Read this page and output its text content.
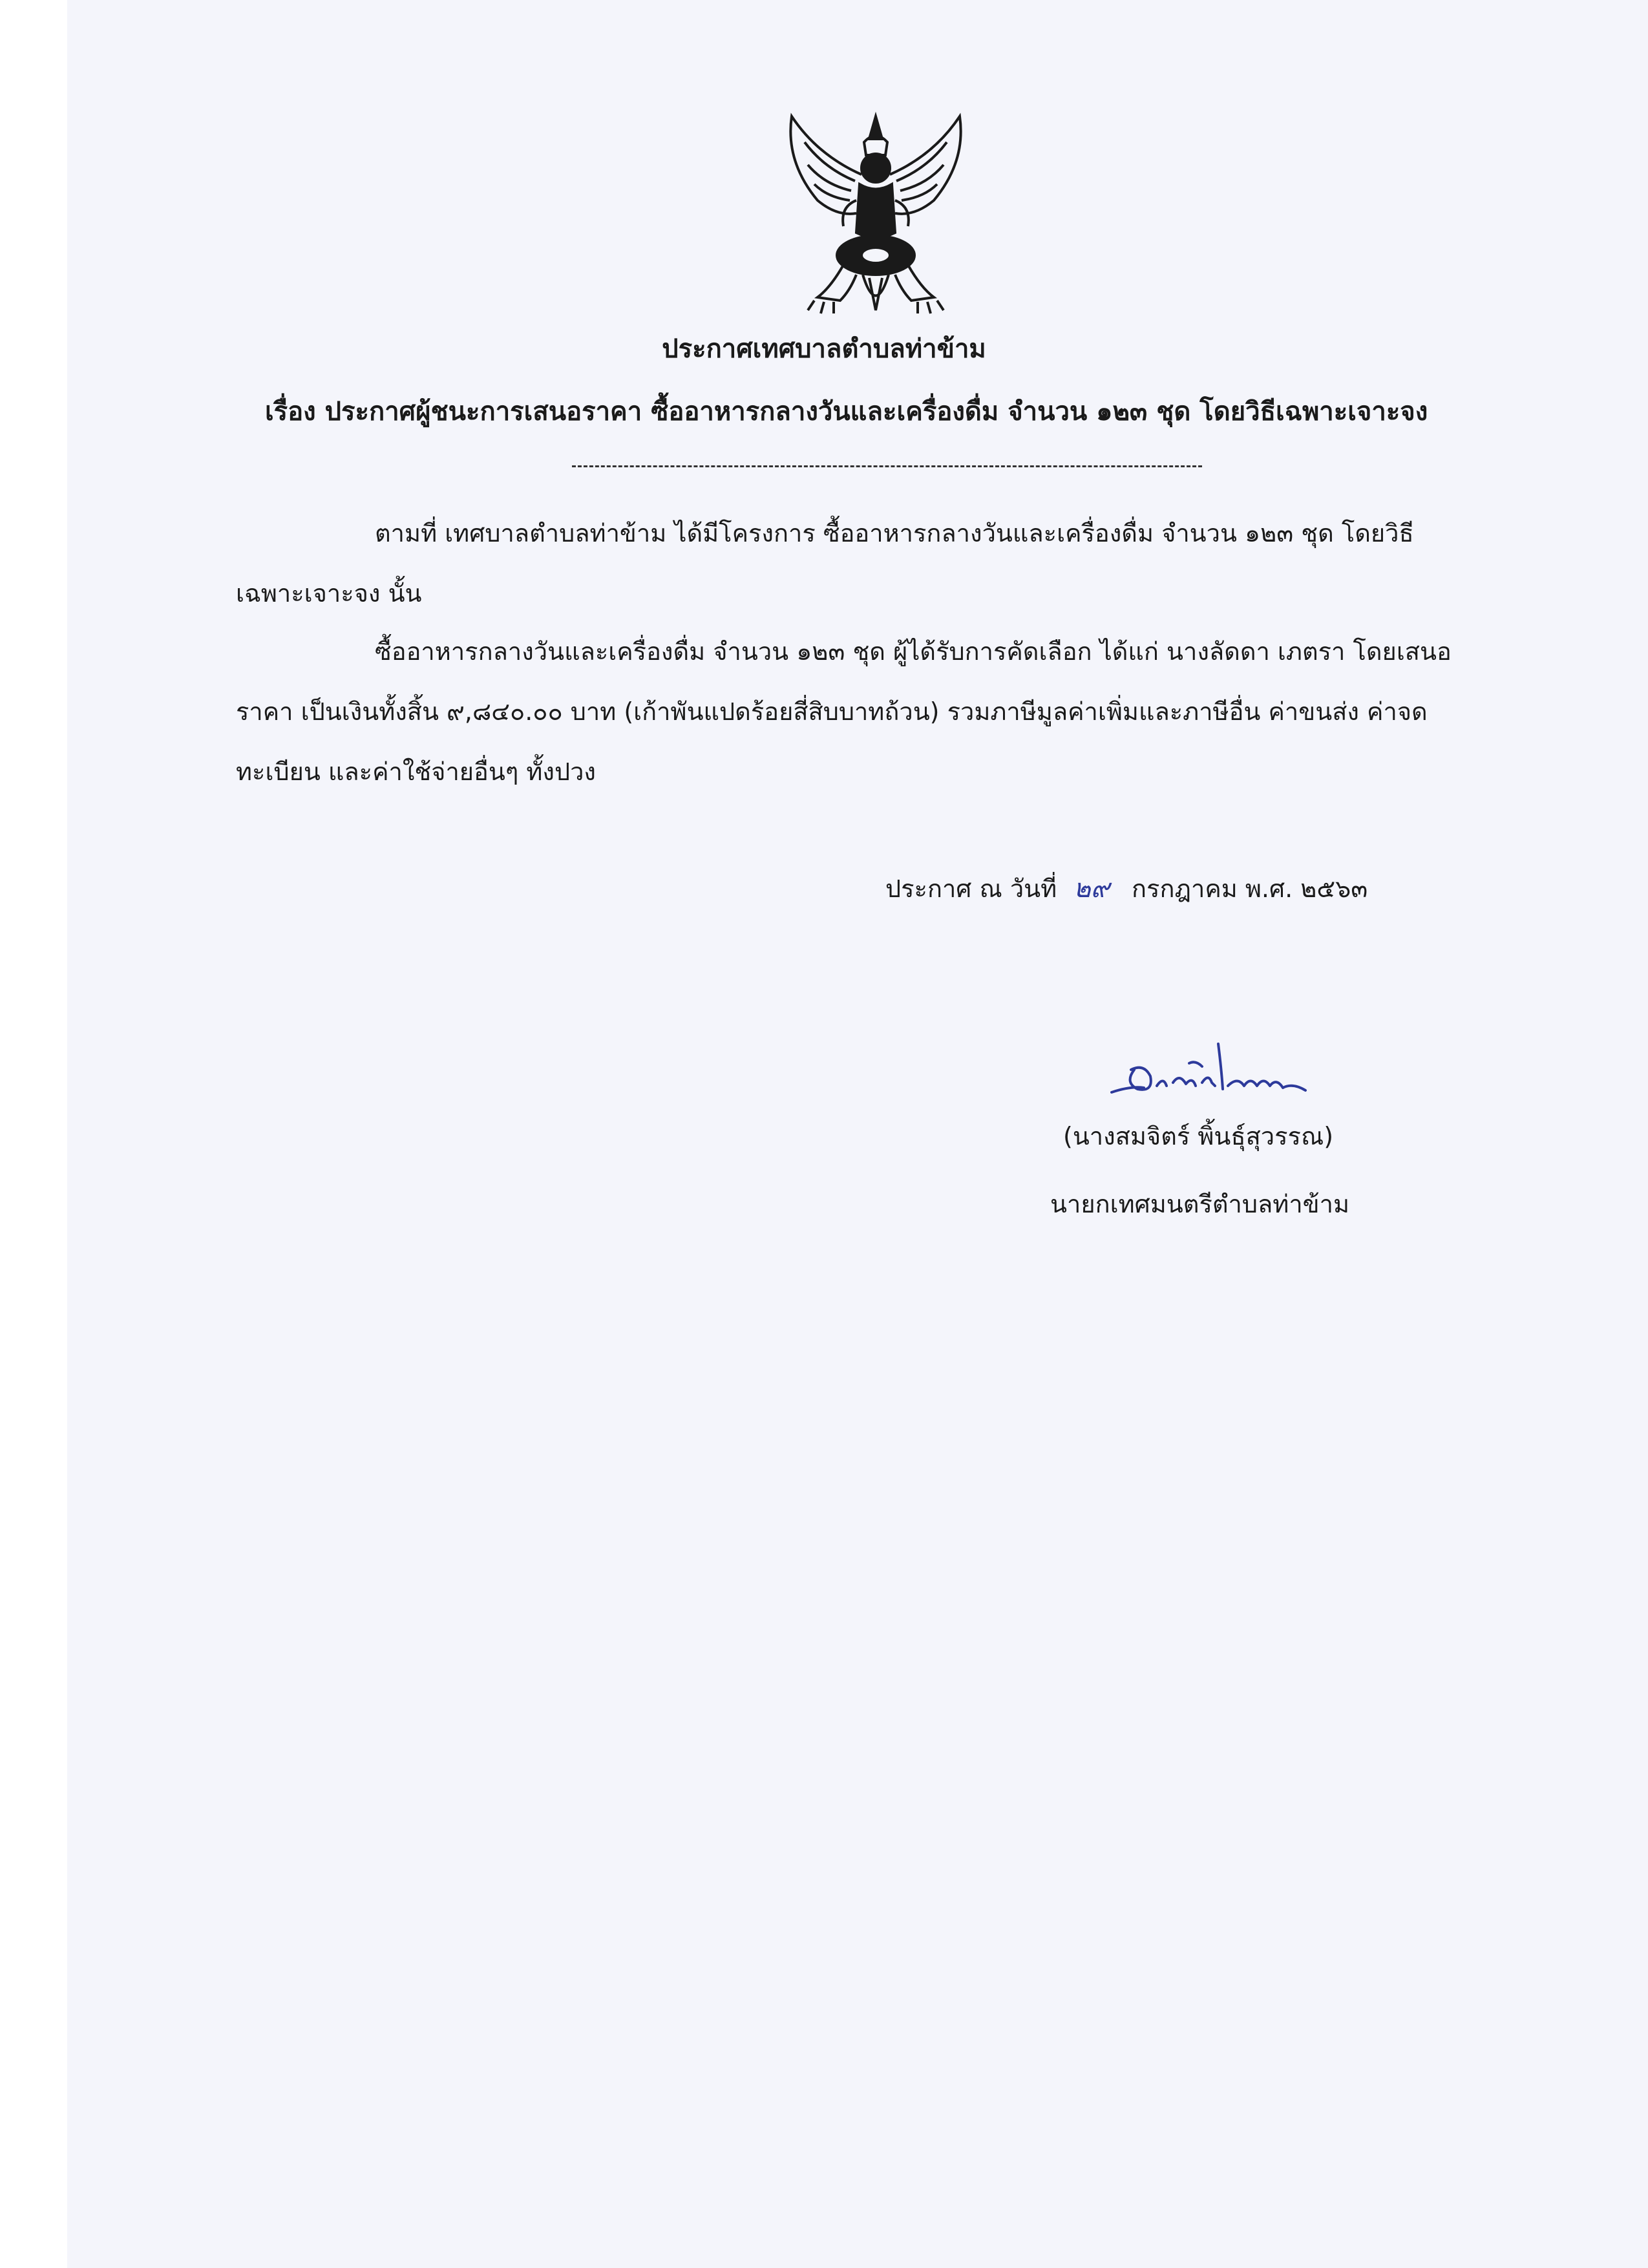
ประกาศเทศบาลตำบลท่าข้าม
เรื่อง ประกาศผู้ชนะการเสนอราคา ซื้ออาหารกลางวันและเครื่องดื่ม จำนวน ๑๒๓ ชุด โดยวิธีเฉพาะเจาะจง
ตามที่ เทศบาลตำบลท่าข้าม ได้มีโครงการ ซื้ออาหารกลางวันและเครื่องดื่ม จำนวน ๑๒๓ ชุด โดยวิธี
เฉพาะเจาะจง นั้น
ซื้ออาหารกลางวันและเครื่องดื่ม จำนวน ๑๒๓ ชุด ผู้ได้รับการคัดเลือก ได้แก่ นางลัดดา เภตรา โดยเสนอ
ราคา เป็นเงินทั้งสิ้น ๙,๘๔๐.๐๐ บาท (เก้าพันแปดร้อยสี่สิบบาทถ้วน) รวมภาษีมูลค่าเพิ่มและภาษีอื่น ค่าขนส่ง ค่าจด
ทะเบียน และค่าใช้จ่ายอื่นๆ ทั้งปวง
ประกาศ ณ วันที่ ๒๙ กรกฎาคม พ.ศ. ๒๕๖๓
(นางสมจิตร์ พิ้นธุ์สุวรรณ)
นายกเทศมนตรีตำบลท่าข้าม
